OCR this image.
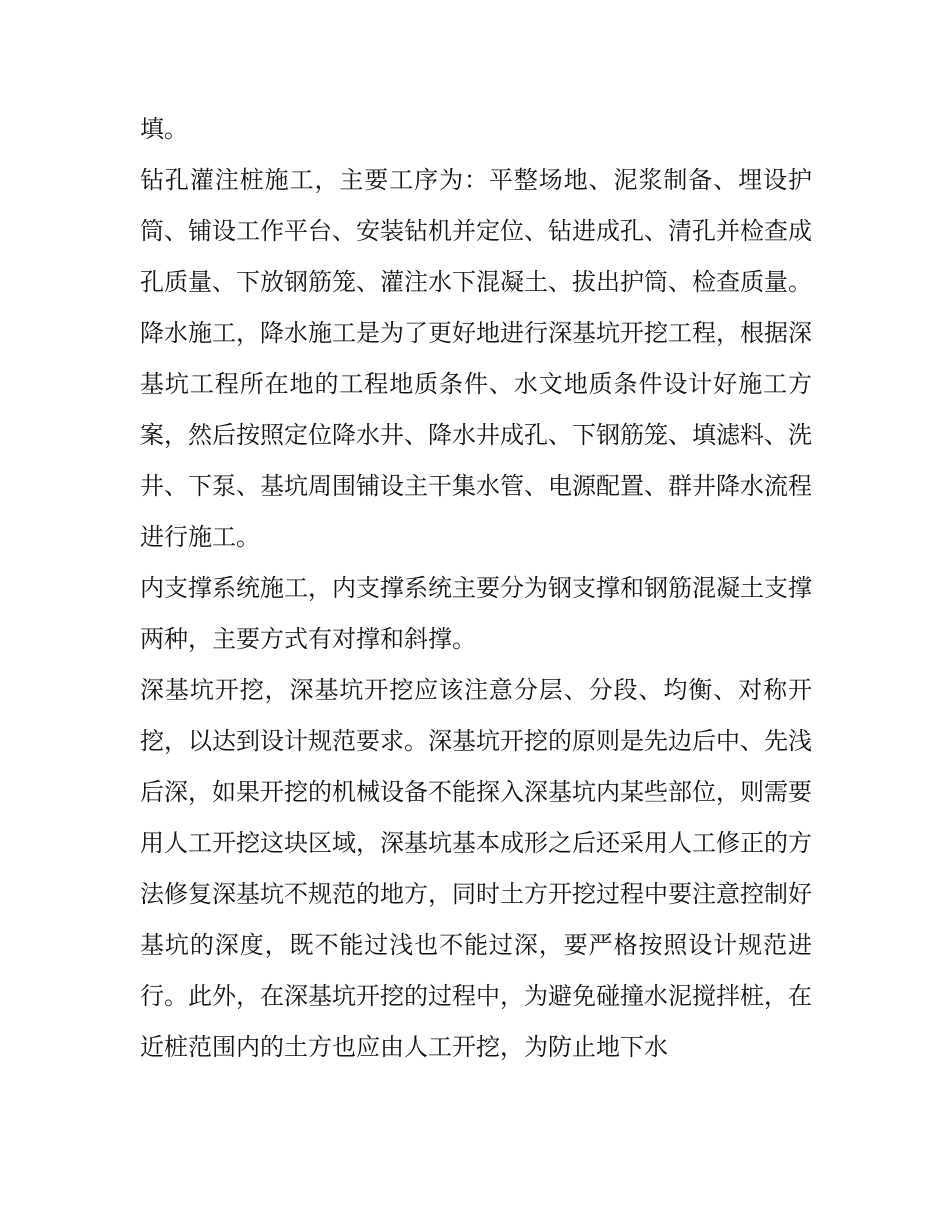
填。

钻孔灌注桩施工，主要工序为：平整场地、泥浆制备、埋设护筒、铺设工作平台、安装钻机并定位、钻进成孔、清孔并检查成孔质量、下放钢筋笼、灌注水下混凝土、拔出护筒、检查质量。

降水施工，降水施工是为了更好地进行深基坑开挖工程，根据深基坑工程所在地的工程地质条件、水文地质条件设计好施工方案，然后按照定位降水井、降水井成孔、下钢筋笼、填滤料、洗井、下泵、基坑周围铺设主干集水管、电源配置、群井降水流程进行施工。

内支撑系统施工，内支撑系统主要分为钢支撑和钢筋混凝土支撑两种，主要方式有对撑和斜撑。

深基坑开挖，深基坑开挖应该注意分层、分段、均衡、对称开挖，以达到设计规范要求。深基坑开挖的原则是先边后中、先浅后深，如果开挖的机械设备不能探入深基坑内某些部位，则需要用人工开挖这块区域，深基坑基本成形之后还采用人工修正的方法修复深基坑不规范的地方，同时土方开挖过程中要注意控制好基坑的深度，既不能过浅也不能过深，要严格按照设计规范进行。此外，在深基坑开挖的过程中，为避免碰撞水泥搅拌桩，在近桩范围内的土方也应由人工开挖，为防止地下水
